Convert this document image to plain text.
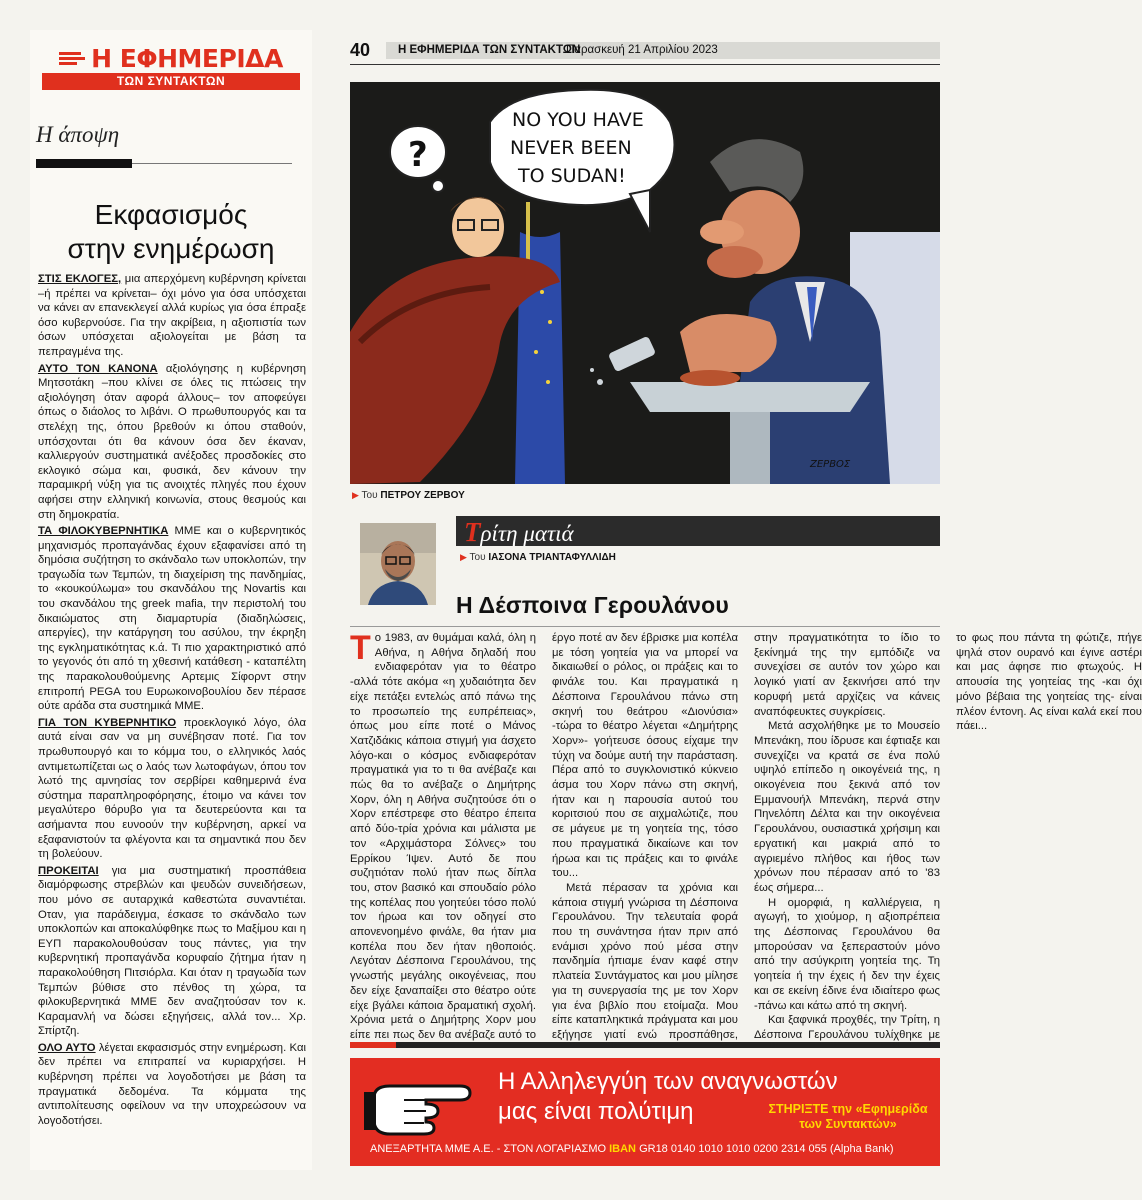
Η ΕΦΗΜΕΡΙΔΑ
ΤΩΝ ΣΥΝΤΑΚΤΩΝ
Η άποψη
Εκφασισμός
στην ενημέρωση

ΣΤΙΣ ΕΚΛΟΓΕΣ, μια απερχόμενη κυβέρνηση κρίνεται –ή πρέπει να κρίνεται– όχι μόνο για όσα υπόσχεται να κάνει αν επανεκλεγεί αλλά κυρίως για όσα έπραξε όσο κυβερνούσε. Για την ακρίβεια, η αξιοπιστία των όσων υπόσχεται αξιολογείται με βάση τα πεπραγμένα της.

ΑΥΤΟ ΤΟΝ ΚΑΝΟΝΑ αξιολόγησης η κυβέρνηση Μητσοτάκη –που κλίνει σε όλες τις πτώσεις την αξιολόγηση όταν αφορά άλλους– τον αποφεύγει όπως ο διάολος το λιβάνι. Ο πρωθυπουργός και τα στελέχη της, όπου βρεθούν κι όπου σταθούν, υπόσχονται ότι θα κάνουν όσα δεν έκαναν, καλλιεργούν συστηματικά ανέξοδες προσδοκίες στο εκλογικό σώμα και, φυσικά, δεν κάνουν την παραμικρή νύξη για τις ανοιχτές πληγές που έχουν αφήσει στην ελληνική κοινωνία, στους θεσμούς και στη δημοκρατία.

ΤΑ ΦΙΛΟΚΥΒΕΡΝΗΤΙΚΑ ΜΜΕ και ο κυβερνητικός μηχανισμός προπαγάνδας έχουν εξαφανίσει από τη δημόσια συζήτηση το σκάνδαλο των υποκλοπών, την τραγωδία των Τεμπών, τη διαχείριση της πανδημίας, το «κουκούλωμα» του σκανδάλου της Novartis και του σκανδάλου της greek mafia, την περιστολή του δικαιώματος στη διαμαρτυρία (διαδηλώσεις, απεργίες), την κατάργηση του ασύλου, την έκρηξη της εγκληματικότητας κ.ά. Τι πιο χαρακτηριστικό από το γεγονός ότι από τη χθεσινή κατάθεση - καταπέλτη της παρακολουθούμενης Αρτεμις Σίφορντ στην επιτροπή PEGA του Ευρωκοινοβουλίου δεν πέρασε ούτε αράδα στα συστημικά ΜΜΕ.

ΓΙΑ ΤΟΝ ΚΥΒΕΡΝΗΤΙΚΟ προεκλογικό λόγο, όλα αυτά είναι σαν να μη συνέβησαν ποτέ. Για τον πρωθυπουργό και το κόμμα του, ο ελληνικός λαός αντιμετωπίζεται ως ο λαός των λωτοφάγων, όπου τον λωτό της αμνησίας τον σερβίρει καθημερινά ένα σύστημα παραπληροφόρησης, έτοιμο να κάνει τον μεγαλύτερο θόρυβο για τα δευτερεύοντα και τα ασήμαντα που ευνοούν την κυβέρνηση, αρκεί να εξαφανιστούν τα φλέγοντα και τα σημαντικά που δεν τη βολεύουν.

ΠΡΟΚΕΙΤΑΙ για μια συστηματική προσπάθεια διαμόρφωσης στρεβλών και ψευδών συνειδήσεων, που μόνο σε αυταρχικά καθεστώτα συναντιέται. Οταν, για παράδειγμα, έσκασε το σκάνδαλο των υποκλοπών και αποκαλύφθηκε πως το Μαξίμου και η ΕΥΠ παρακολουθούσαν τους πάντες, για την κυβερνητική προπαγάνδα κορυφαίο ζήτημα ήταν η παρακολούθηση Πιτσιόρλα. Και όταν η τραγωδία των Τεμπών βύθισε στο πένθος τη χώρα, τα φιλοκυβερνητικά ΜΜΕ δεν αναζητούσαν τον κ. Καραμανλή να δώσει εξηγήσεις, αλλά τον... Χρ. Σπίρτζη.

ΟΛΟ ΑΥΤΟ λέγεται εκφασισμός στην ενημέρωση. Και δεν πρέπει να επιτραπεί να κυριαρχήσει. Η κυβέρνηση πρέπει να λογοδοτήσει με βάση τα πραγματικά δεδομένα. Τα κόμματα της αντιπολίτευσης οφείλουν να την υποχρεώσουν να λογοδοτήσει.

40 Η ΕΦΗΜΕΡΙΔΑ ΤΩΝ ΣΥΝΤΑΚΤΩΝ
Παρασκευή 21 Απριλίου 2023
?
NO YOU HAVE
NEVER BEEN
TO SUDAN!
ΖΕΡΒΟΣ
▶ Του ΠΕΤΡΟΥ ΖΕΡΒΟΥ
Τρίτη ματιά
▶ Του ΙΑΣΟΝΑ ΤΡΙΑΝΤΑΦΥΛΛΙΔΗ
Η Δέσποινα Γερουλάνου

Το 1983, αν θυμάμαι καλά, όλη η Αθήνα, η Αθήνα δηλαδή που ενδιαφερόταν για το θέατρο -αλλά τότε ακόμα «η χυδαιότητα δεν είχε πετάξει εντελώς από πάνω της το προσωπείο της ευπρέπειας», όπως μου είπε ποτέ ο Μάνος Χατζιδάκις κάποια στιγμή για άσχετο λόγο-και ο κόσμος ενδιαφερόταν πραγματικά για το τι θα ανέβαζε και πώς θα το ανέβαζε ο Δημήτρης Χορν, όλη η Αθήνα συζητούσε ότι ο Χορν επέστρεφε στο θέατρο έπειτα από δύο-τρία χρόνια και μάλιστα με τον «Αρχιμάστορα Σόλνες» του Ερρίκου Ίψεν. Αυτό δε που συζητιόταν πολύ ήταν πως δίπλα του, στον βασικό και σπουδαίο ρόλο της κοπέλας που γοητεύει τόσο πολύ τον ήρωα και τον οδηγεί στο απονενοημένο φινάλε, θα ήταν μια κοπέλα που δεν ήταν ηθοποιός. Λεγόταν Δέσποινα Γερουλάνου, της γνωστής μεγάλης οικογένειας, που δεν είχε ξαναπαίξει στο θέατρο ούτε είχε βγάλει κάποια δραματική σχολή. Χρόνια μετά ο Δημήτρης Χορν μου είπε πει πως δεν θα ανέβαζε αυτό το έργο ποτέ αν δεν έβρισκε μια κοπέλα με τόση γοητεία για να μπορεί να δικαιωθεί ο ρόλος, οι πράξεις και το φινάλε του. Και πραγματικά η Δέσποινα Γερουλάνου πάνω στη σκηνή του θεάτρου «Διονύσια» -τώρα το θέατρο λέγεται «Δημήτρης Χορν»- γοήτευσε όσους είχαμε την τύχη να δούμε αυτή την παράσταση. Πέρα από το συγκλονιστικό κύκνειο άσμα του Χορν πάνω στη σκηνή, ήταν και η παρουσία αυτού του κοριτσιού που σε αιχμαλώτιζε, που σε μάγευε με τη γοητεία της, τόσο που πραγματικά δικαίωνε και τον ήρωα και τις πράξεις και το φινάλε του...

Μετά πέρασαν τα χρόνια και κάποια στιγμή γνώρισα τη Δέσποινα Γερουλάνου. Την τελευταία φορά που τη συνάντησα ήταν πριν από ενάμισι χρόνο πού μέσα στην πανδημία ήπιαμε έναν καφέ στην πλατεία Συντάγματος και μου μίλησε για τη συνεργασία της με τον Χορν για ένα βιβλίο που ετοίμαζα. Μου είπε καταπληκτικά πράγματα και μου εξήγησε γιατί ενώ προσπάθησε, στην πραγματικότητα το ίδιο το ξεκίνημά της την εμπόδιζε να συνεχίσει σε αυτόν τον χώρο και λογικό γιατί αν ξεκινήσει από την κορυφή μετά αρχίζεις να κάνεις αναπόφευκτες συγκρίσεις.

Μετά ασχολήθηκε με το Μουσείο Μπενάκη, που ίδρυσε και έφτιαξε και συνεχίζει να κρατά σε ένα πολύ υψηλό επίπεδο η οικογένειά της, η οικογένεια που ξεκινά από τον Εμμανουήλ Μπενάκη, περνά στην Πηνελόπη Δέλτα και την οικογένεια Γερουλάνου, ουσιαστικά χρήσιμη και εργατική και μακριά από το αγριεμένο πλήθος και ήθος των χρόνων που πέρασαν από το '83 έως σήμερα...

Η ομορφιά, η καλλιέργεια, η αγωγή, το χιούμορ, η αξιοπρέπεια της Δέσποινας Γερουλάνου θα μπορούσαν να ξεπεραστούν μόνο από την ασύγκριτη γοητεία της. Τη γοητεία ή την έχεις ή δεν την έχεις και σε εκείνη έδινε ένα ιδιαίτερο φως -πάνω και κάτω από τη σκηνή.

Και ξαφνικά προχθές, την Τρίτη, η Δέσποινα Γερουλάνου τυλίχθηκε με το φως που πάντα τη φώτιζε, πήγε ψηλά στον ουρανό και έγινε αστέρι και μας άφησε πιο φτωχούς. Η απουσία της γοητείας της -και όχι μόνο βέβαια της γοητείας της- είναι πλέον έντονη. Ας είναι καλά εκεί που πάει...

Η Αλληλεγγύη των αναγνωστών
μας είναι πολύτιμη	ΣΤΗΡΙΞΤΕ την «Εφημερίδα
των Συντακτών»
ΑΝΕΞΑΡΤΗΤΑ ΜΜΕ Α.Ε. - ΣΤΟΝ ΛΟΓΑΡΙΑΣΜΟ IBAN GR18 0140 1010 1010 0200 2314 055 (Alpha Bank)
